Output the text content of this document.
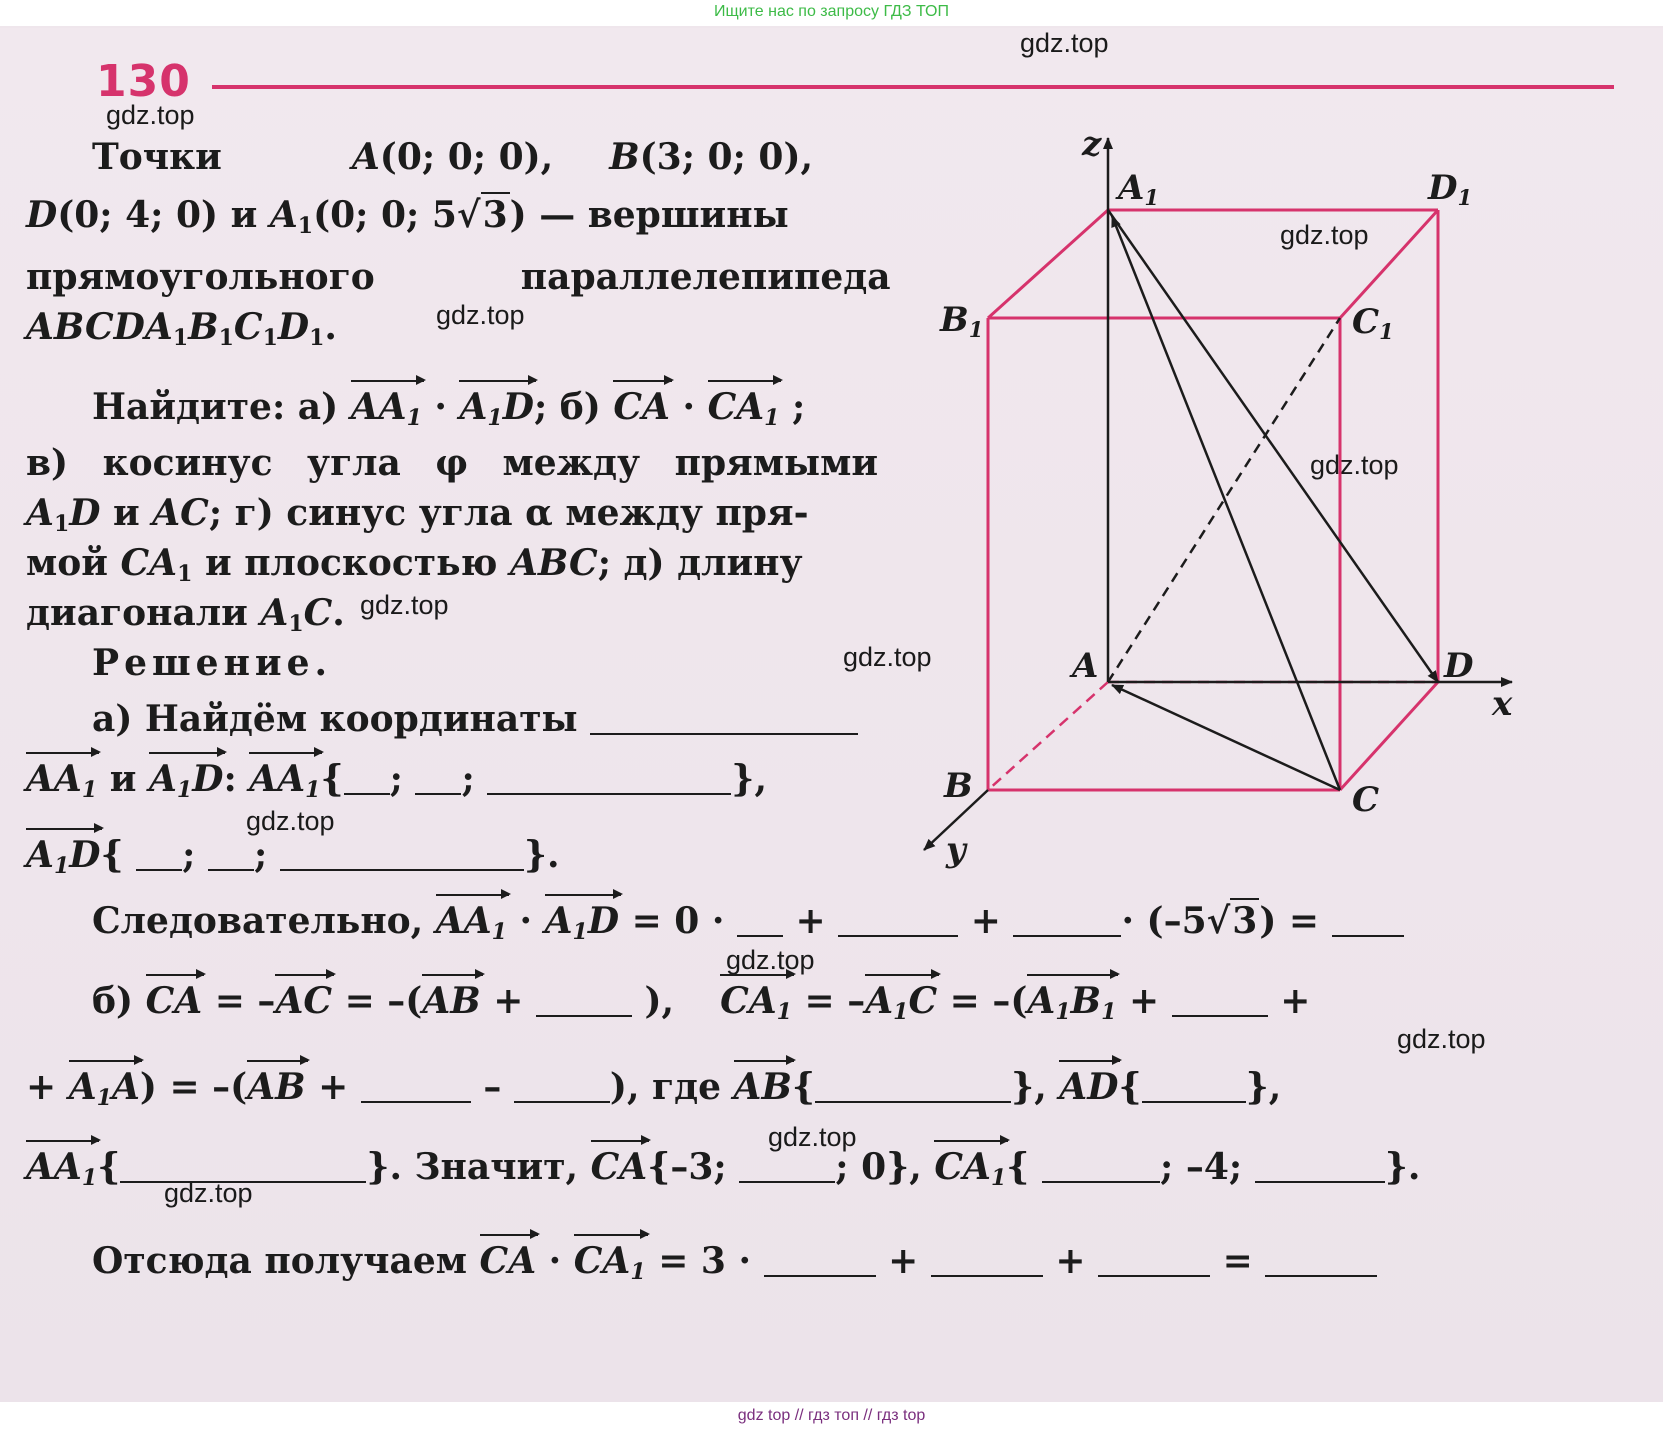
Ищите нас по запросу ГДЗ ТОП
130
gdz.top
gdz.top
gdz.top
gdz.top
gdz.top
gdz.top
gdz.top
gdz.top
gdz.top
gdz.top
gdz.top
gdz.top
Точки	A(0; 0; 0), B(3; 0; 0),
D(0; 4; 0) и $A_1(0$; 0; 5√3) — вершины
прямоугольного	параллелепипеда
$ABCDA_1B_1C_1D_1$.
Найдите: а) $AA_1 \cdot A_1D$; б) CA · $CA_1$ ;
в) косинус угла φ между прямыми
$A_1D$ и AC; г) синус угла α между пря-
мой $CA_1$ и плоскостью ABC; д) длину
диагонали $A_1C$.
Решение.
а) Найдём координаты
$AA_1$ и $A_1D$: $AA_1${ ; ;	},
$A_1D${ ; ;	}.
Следовательно, $AA_1 \cdot A_1D = 0$ · +	+	· (–5√3) =
б) CA = –AC = –(AB +	), $CA_1 = -A_1C = -(A_1B_1$ +	+
+ $A_1A) = -(AB$ +	–	), где AB{	}, AD{	},
$AA_1${	}. Значит, CA{–3;	; 0}, $CA_1${	; –4;	}.
Отсюда получаем CA · $CA_1 = 3$ ·	+	+	=
z
x
y
$A_1$	$D_1$
$B_1$	$C_1$
A	D
B	C
gdz top // гдз топ // гдз top
